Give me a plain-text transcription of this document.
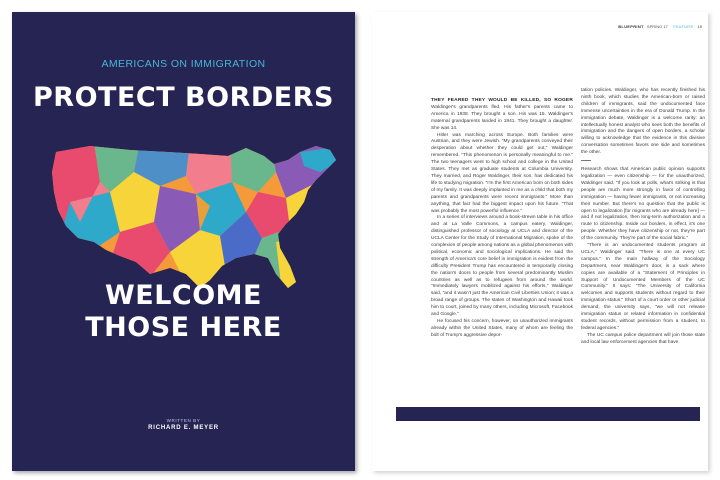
AMERICANS ON IMMIGRATION
PROTECT BORDERS
WELCOME
THOSE HERE
WRITTEN BY
RICHARD E. MEYER
BLUEPRINT SPRING 17 FEATURE 19

THEY FEARED THEY WOULD BE KILLED, SO ROGER Waldinger's grandparents fled. His father's parents came to America in 1938. They brought a son. His was 15. Waldinger's maternal grandparents landed in 1941. They brought a daughter. She was 14.

Hitler was marching across Europe. Both families were Austrian, and they were Jewish. "My grandparents conveyed their desperation about whether they could get out," Waldinger remembered. "This phenomenon is personally meaningful to me." The two teenagers went to high school and college in the United States. They met as graduate students at Columbia University. They married, and Roger Waldinger, their son, has dedicated his life to studying migration. "I'm the first American born on both sides of my family. It was deeply implanted in me as a child that both my parents and grandparents were recent immigrants." More than anything, that fact had the biggest impact upon his future. "That was probably the most powerful influence."

In a series of interviews around a book-strewn table in his office and at La Valle Commons, a campus eatery, Waldinger, distinguished professor of sociology at UCLA and director of the UCLA Center for the Study of International Migration, spoke of the complexion of people among nations as a global phenomenon with political, economic and sociological implications. He said the strength of America's core belief in immigration is evident from the difficulty President Trump has encountered in temporarily closing the nation's doors to people from several predominantly Muslim countries as well as to refugees from around the world. "Immediately lawyers mobilized against his efforts," Waldinger said, "and it wasn't just the American Civil Liberties Union; it was a broad range of groups. The states of Washington and Hawaii took him to court, joined by many others, including Microsoft, Facebook and Google."

He focused his concern, however, on unauthorized immigrants already within the United States, many of whom are feeling the bolt of Trump's aggressive depor-

tation policies. Waldinger, who has recently finished his ninth book, which studies the American-born or raised children of immigrants, said the undocumented face immense uncertainties in the era of Donald Trump. In the immigration debate, Waldinger is a welcome rarity: an intellectually honest analyst who sees both the benefits of immigration and the dangers of open borders, a scholar willing to acknowledge that the evidence in this divisive conversation sometimes favors one side and sometimes the other.

Research shows that American public opinion supports legalization — even citizenship — for the unauthorized, Waldinger said. "If you look at polls, what's striking is that people are much more strongly in favor of controlling immigration — having fewer immigrants, or not increasing their number. But there's no question that the public is open to legalization [for migrants who are already here] — and if not legalization, then long-term authorization and a route to citizenship. Inside our borders, in effect, it's one people. Whether they have citizenship or not, they're part of the community. They're part of the social fabric."

"There is an undocumented students program at UCLA," Waldinger said. "There is one at every UC campus." In the main hallway of the Sociology Department, near Waldinger's door, is a sack where copies are available of a "Statement of Principles in Support of Undocumented Members of the UC Community." It says: "The University of California welcomes and supports students without regard to their immigration status." Short of a court order or other judicial demand, the university says, "we will not release immigration status or related information in confidential student records, without permission from a student, to federal agencies."

The UC campus police department will join those state and local law enforcement agencies that have
